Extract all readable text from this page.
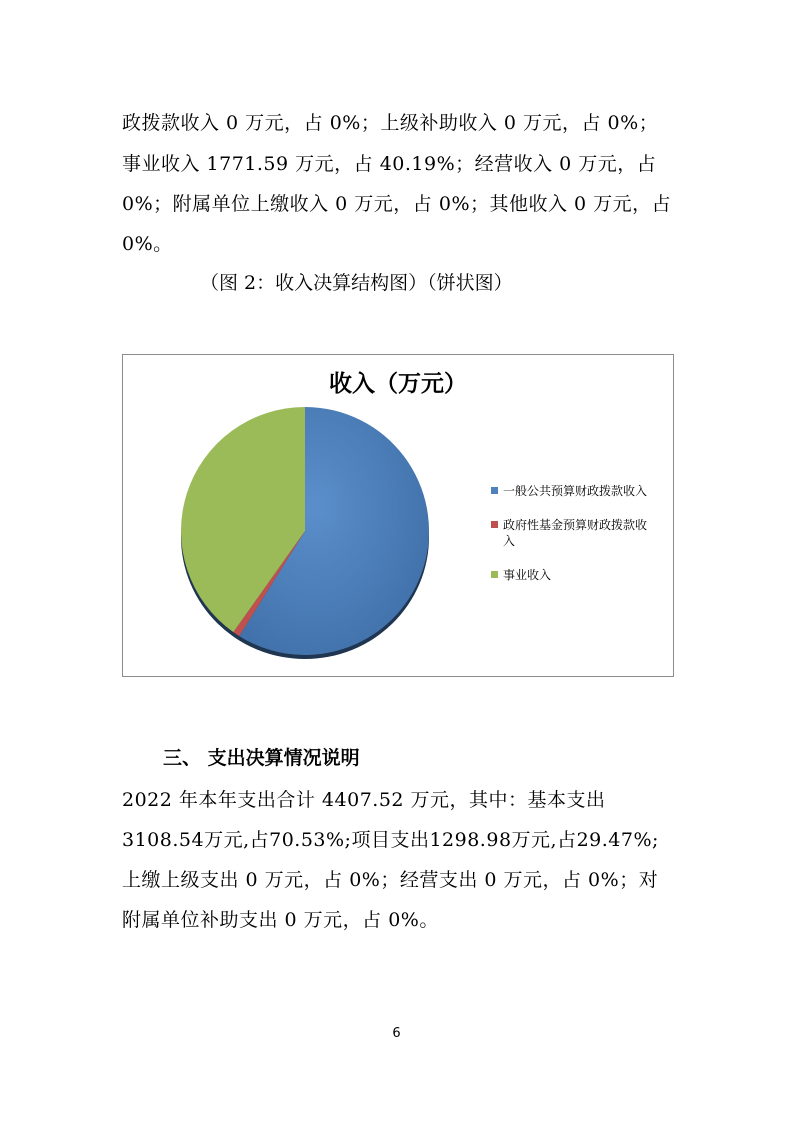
政拨款收入 0 万元，占 0%；上级补助收入 0 万元，占 0%；
事业收入 1771.59 万元，占 40.19%；经营收入 0 万元，占
0%；附属单位上缴收入 0 万元，占 0%；其他收入 0 万元，占
0%。
（图 2：收入决算结构图）（饼状图）
收入（万元）
一般公共预算财政拨款收入
政府性基金预算财政拨款收
入
事业收入
三、 支出决算情况说明
2022 年本年支出合计 4407.52 万元，其中：基本支出
3108.54万元,占70.53%;项目支出1298.98万元,占29.47%;
上缴上级支出 0 万元，占 0%；经营支出 0 万元，占 0%；对
附属单位补助支出 0 万元，占 0%。
6
